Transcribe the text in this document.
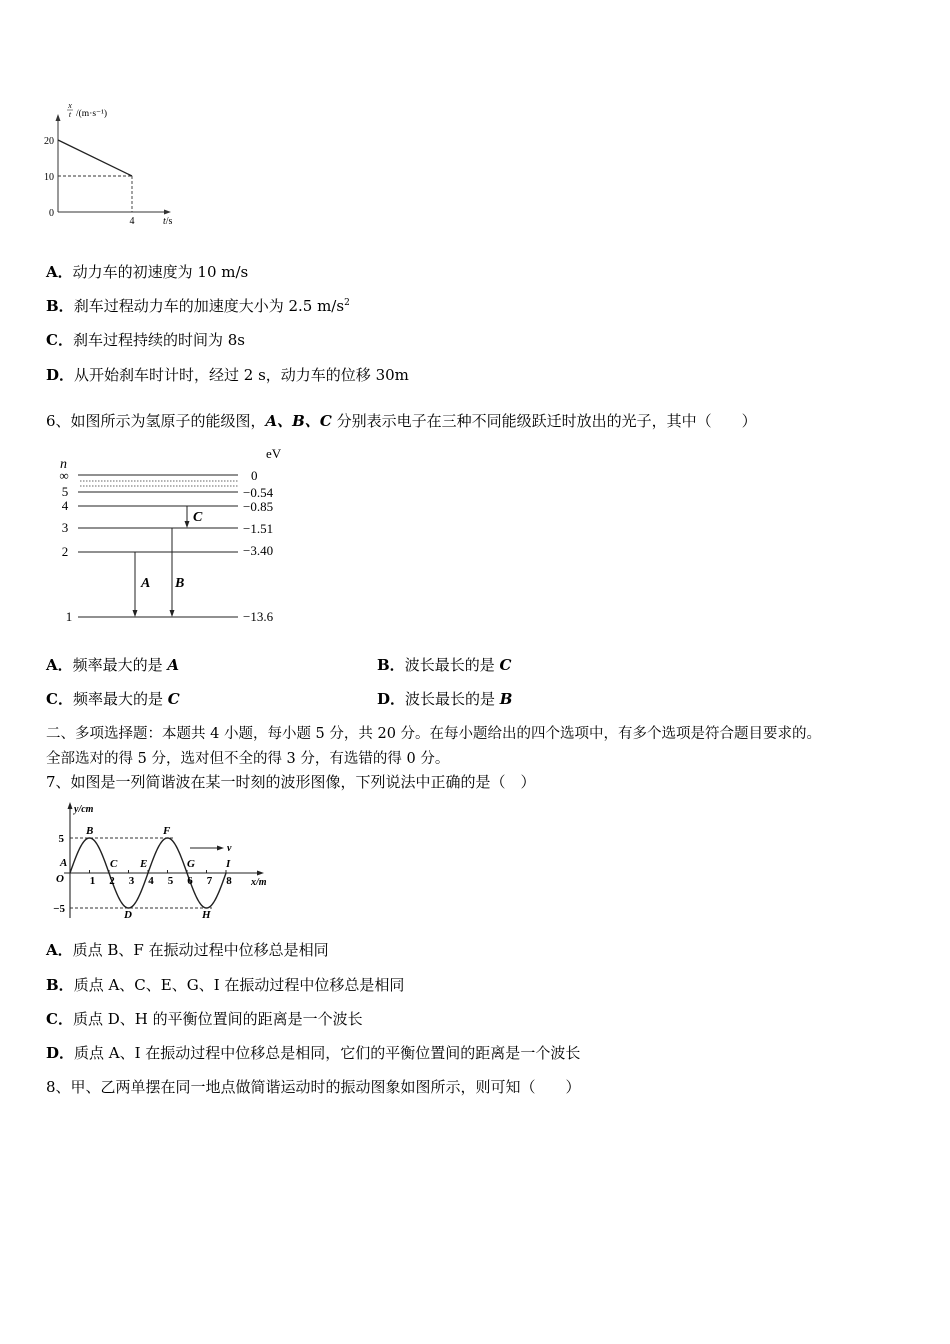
x
t /(m·s⁻¹)
20
10
0
4	t/s
A．动力车的初速度为 10 m/s
B．刹车过程动力车的加速度大小为 2.5 $m/s^2$
C．刹车过程持续的时间为 8s
D．从开始刹车时计时，经过 2 s，动力车的位移 30m
6、如图所示为氢原子的能级图，A、B、C 分别表示电子在三种不同能级跃迁时放出的光子，其中（　　）
eV
n
∞
5
4
3
2
1
0
−0.54
−0.85
−1.51
−3.40
−13.6
A B
C
A．频率最大的是 A	B．波长最长的是 C
C．频率最大的是 C	D．波长最长的是 B
二、多项选择题：本题共 4 小题，每小题 5 分，共 20 分。在每小题给出的四个选项中，有多个选项是符合题目要求的。
全部选对的得 5 分，选对但不全的得 3 分，有选错的得 0 分。
7、如图是一列简谐波在某一时刻的波形图像，下列说法中正确的是（　）
1 2 3 4 5 6 7 8
v
y/cm
x/m
5
−5
O
A
B
C
D
E
F
G
H
I
A．质点 B、F 在振动过程中位移总是相同
B．质点 A、C、E、G、I 在振动过程中位移总是相同
C．质点 D、H 的平衡位置间的距离是一个波长
D．质点 A、I 在振动过程中位移总是相同，它们的平衡位置间的距离是一个波长
8、甲、乙两单摆在同一地点做简谐运动时的振动图象如图所示，则可知（　　）
